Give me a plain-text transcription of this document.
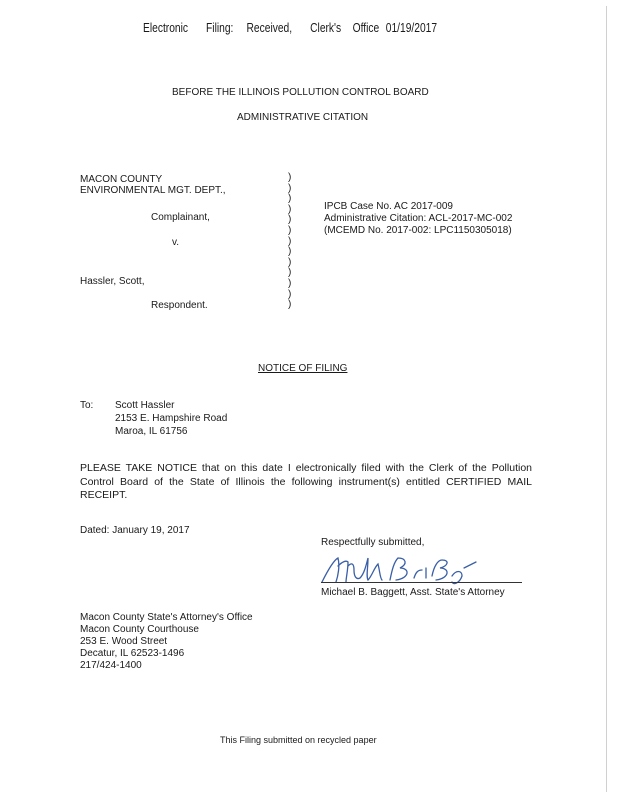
Electronic Filing: Received, Clerk's Office 01/19/2017
BEFORE THE ILLINOIS POLLUTION CONTROL BOARD
ADMINISTRATIVE CITATION
MACON COUNTY
ENVIRONMENTAL MGT. DEPT.,
Complainant,
v.
Hassler, Scott,
Respondent.
)
)
)
)
)
)
)
)
)
)
)
)
)
IPCB Case No. AC 2017-009
Administrative Citation: ACL-2017-MC-002
(MCEMD No. 2017-002: LPC1150305018)
NOTICE OF FILING
To: Scott Hassler
2153 E. Hampshire Road
Maroa, IL 61756
PLEASE TAKE NOTICE that on this date I electronically filed with the Clerk of the Pollution Control Board of the State of Illinois the following instrument(s) entitled CERTIFIED MAIL RECEIPT.
Dated: January 19, 2017
Respectfully submitted,
Michael B. Baggett, Asst. State's Attorney
Macon County State's Attorney's Office
Macon County Courthouse
253 E. Wood Street
Decatur, IL 62523-1496
217/424-1400
This Filing submitted on recycled paper
